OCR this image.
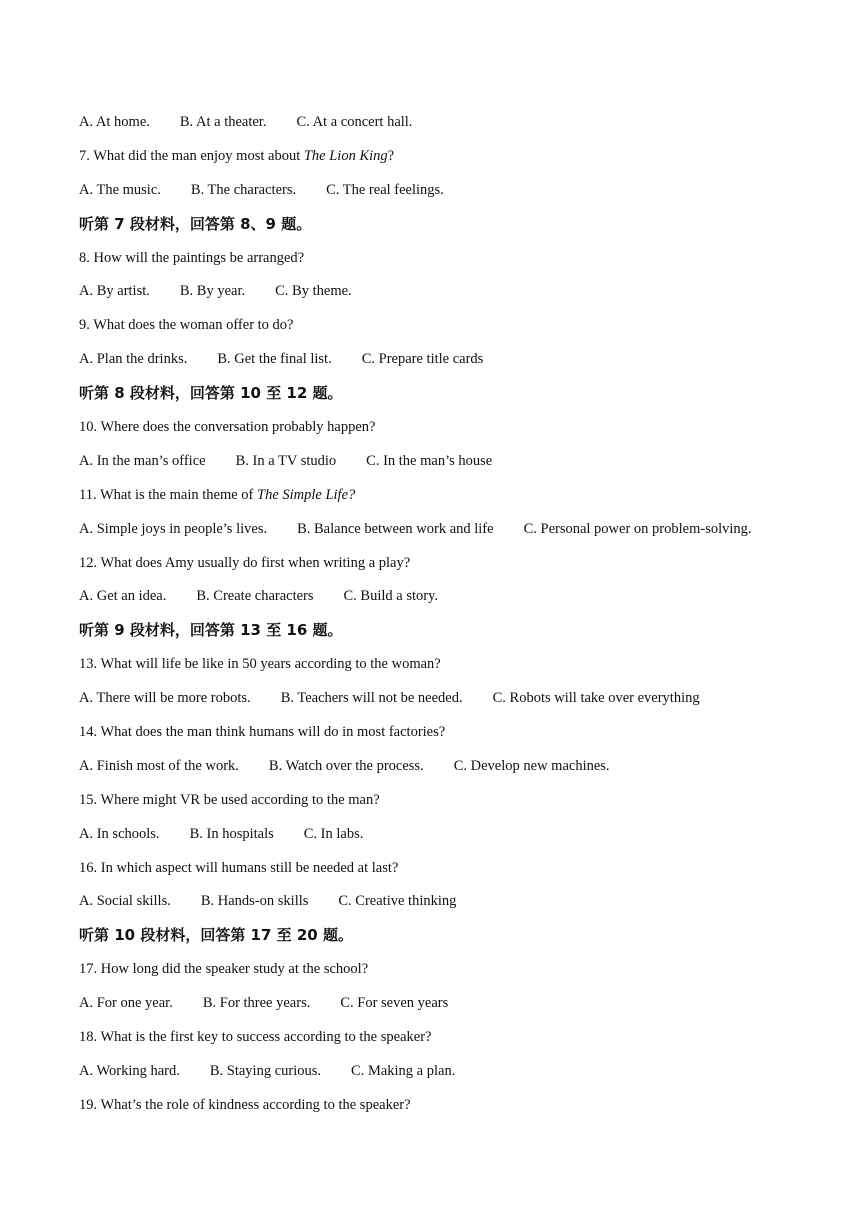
A. At home. B. At a theater. C. At a concert hall.
7. What did the man enjoy most about The Lion King?
A. The music. B. The characters. C. The real feelings.
听第 7 段材料，回答第 8、9 题。
8. How will the paintings be arranged?
A. By artist. B. By year. C. By theme.
9. What does the woman offer to do?
A. Plan the drinks. B. Get the final list. C. Prepare title cards
听第 8 段材料，回答第 10 至 12 题。
10. Where does the conversation probably happen?
A. In the man’s office B. In a TV studio C. In the man’s house
11. What is the main theme of The Simple Life?
A. Simple joys in people’s lives. B. Balance between work and life C. Personal power on problem-solving.
12. What does Amy usually do first when writing a play?
A. Get an idea. B. Create characters C. Build a story.
听第 9 段材料，回答第 13 至 16 题。
13. What will life be like in 50 years according to the woman?
A. There will be more robots. B. Teachers will not be needed. C. Robots will take over everything
14. What does the man think humans will do in most factories?
A. Finish most of the work. B. Watch over the process. C. Develop new machines.
15. Where might VR be used according to the man?
A. In schools. B. In hospitals C. In labs.
16. In which aspect will humans still be needed at last?
A. Social skills. B. Hands-on skills C. Creative thinking
听第 10 段材料，回答第 17 至 20 题。
17. How long did the speaker study at the school?
A. For one year. B. For three years. C. For seven years
18. What is the first key to success according to the speaker?
A. Working hard. B. Staying curious. C. Making a plan.
19. What’s the role of kindness according to the speaker?
